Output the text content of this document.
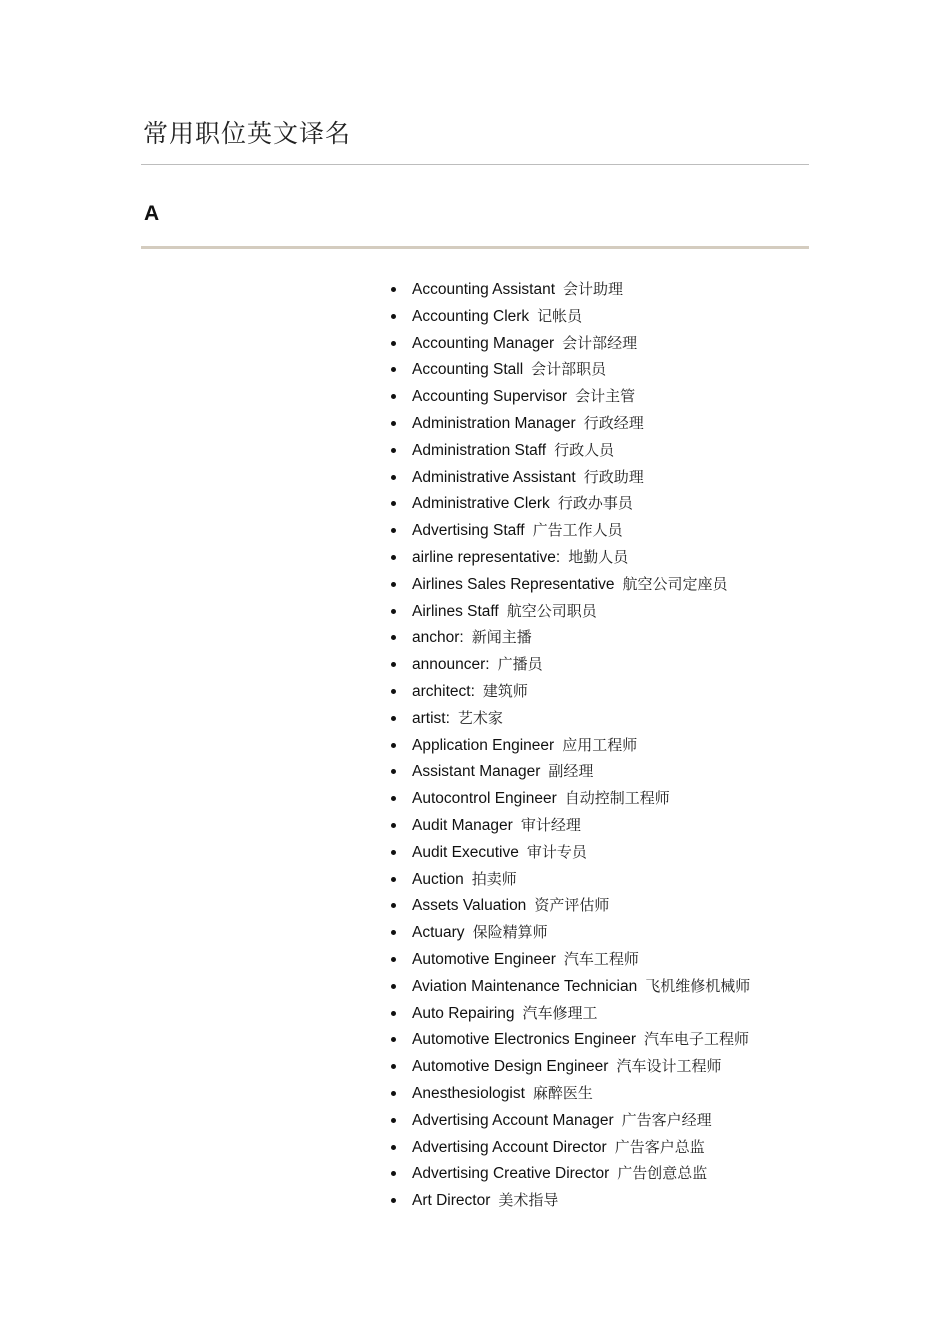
常用职位英文译名
A
Accounting Assistant 会计助理
Accounting Clerk 记帐员
Accounting Manager 会计部经理
Accounting Stall 会计部职员
Accounting Supervisor 会计主管
Administration Manager 行政经理
Administration Staff 行政人员
Administrative Assistant 行政助理
Administrative Clerk 行政办事员
Advertising Staff 广告工作人员
airline representative: 地勤人员
Airlines Sales Representative 航空公司定座员
Airlines Staff 航空公司职员
anchor: 新闻主播
announcer: 广播员
architect: 建筑师
artist: 艺术家
Application Engineer 应用工程师
Assistant Manager 副经理
Autocontrol Engineer 自动控制工程师
Audit Manager 审计经理
Audit Executive 审计专员
Auction 拍卖师
Assets Valuation 资产评估师
Actuary 保险精算师
Automotive Engineer 汽车工程师
Aviation Maintenance Technician 飞机维修机械师
Auto Repairing 汽车修理工
Automotive Electronics Engineer 汽车电子工程师
Automotive Design Engineer 汽车设计工程师
Anesthesiologist 麻醉医生
Advertising Account Manager 广告客户经理
Advertising Account Director 广告客户总监
Advertising Creative Director 广告创意总监
Art Director 美术指导
